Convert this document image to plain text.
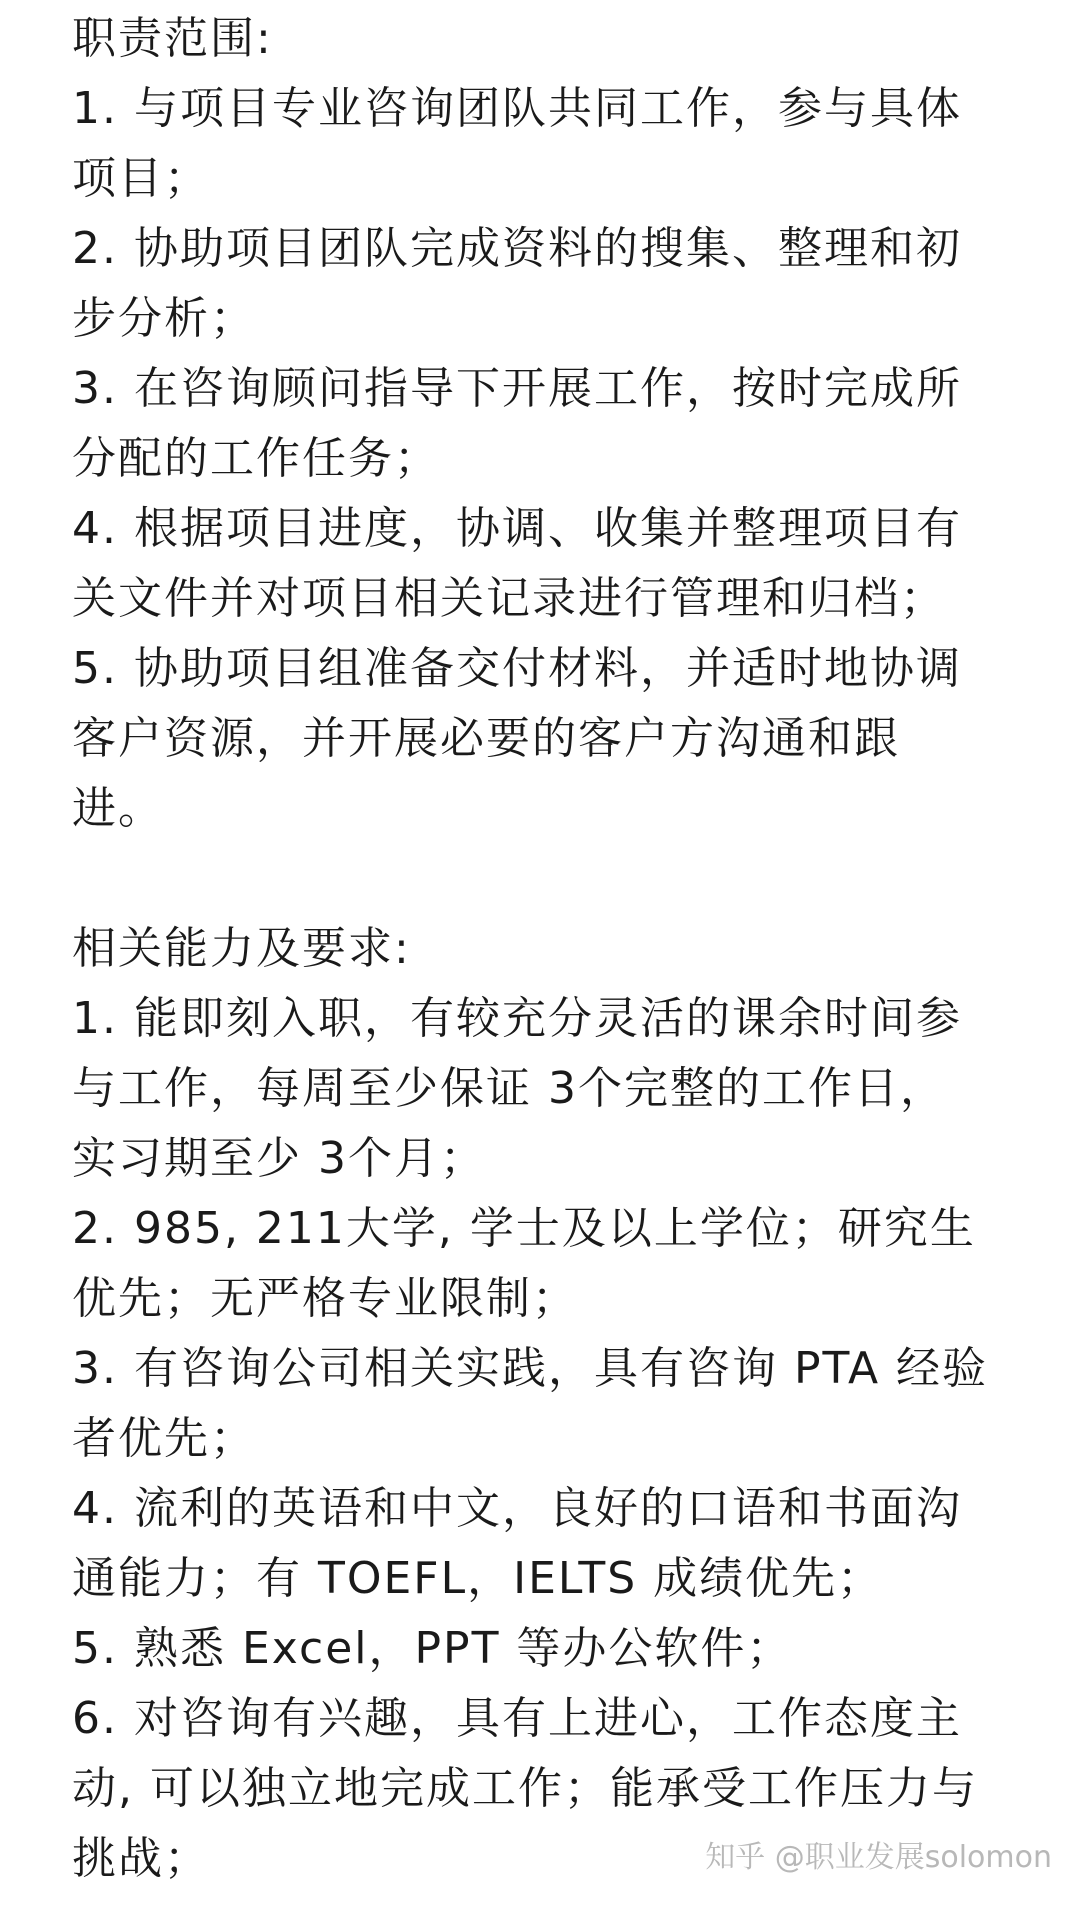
职责范围:
1. 与项目专业咨询团队共同工作，参与具体
项目；
2. 协助项目团队完成资料的搜集、整理和初
步分析；
3. 在咨询顾问指导下开展工作，按时完成所
分配的工作任务；
4. 根据项目进度，协调、收集并整理项目有
关文件并对项目相关记录进行管理和归档；
5. 协助项目组准备交付材料，并适时地协调
客户资源，并开展必要的客户方沟通和跟
进。
相关能力及要求:
1. 能即刻入职，有较充分灵活的课余时间参
与工作，每周至少保证 3个完整的工作日，
实习期至少 3个月；
2. 985, 211大学, 学士及以上学位；研究生
优先；无严格专业限制；
3. 有咨询公司相关实践，具有咨询 PTA 经验
者优先；
4. 流利的英语和中文，良好的口语和书面沟
通能力；有 TOEFL，IELTS 成绩优先；
5. 熟悉 Excel，PPT 等办公软件；
6. 对咨询有兴趣，具有上进心，工作态度主
动, 可以独立地完成工作；能承受工作压力与
挑战；	知乎 @职业发展solomon
